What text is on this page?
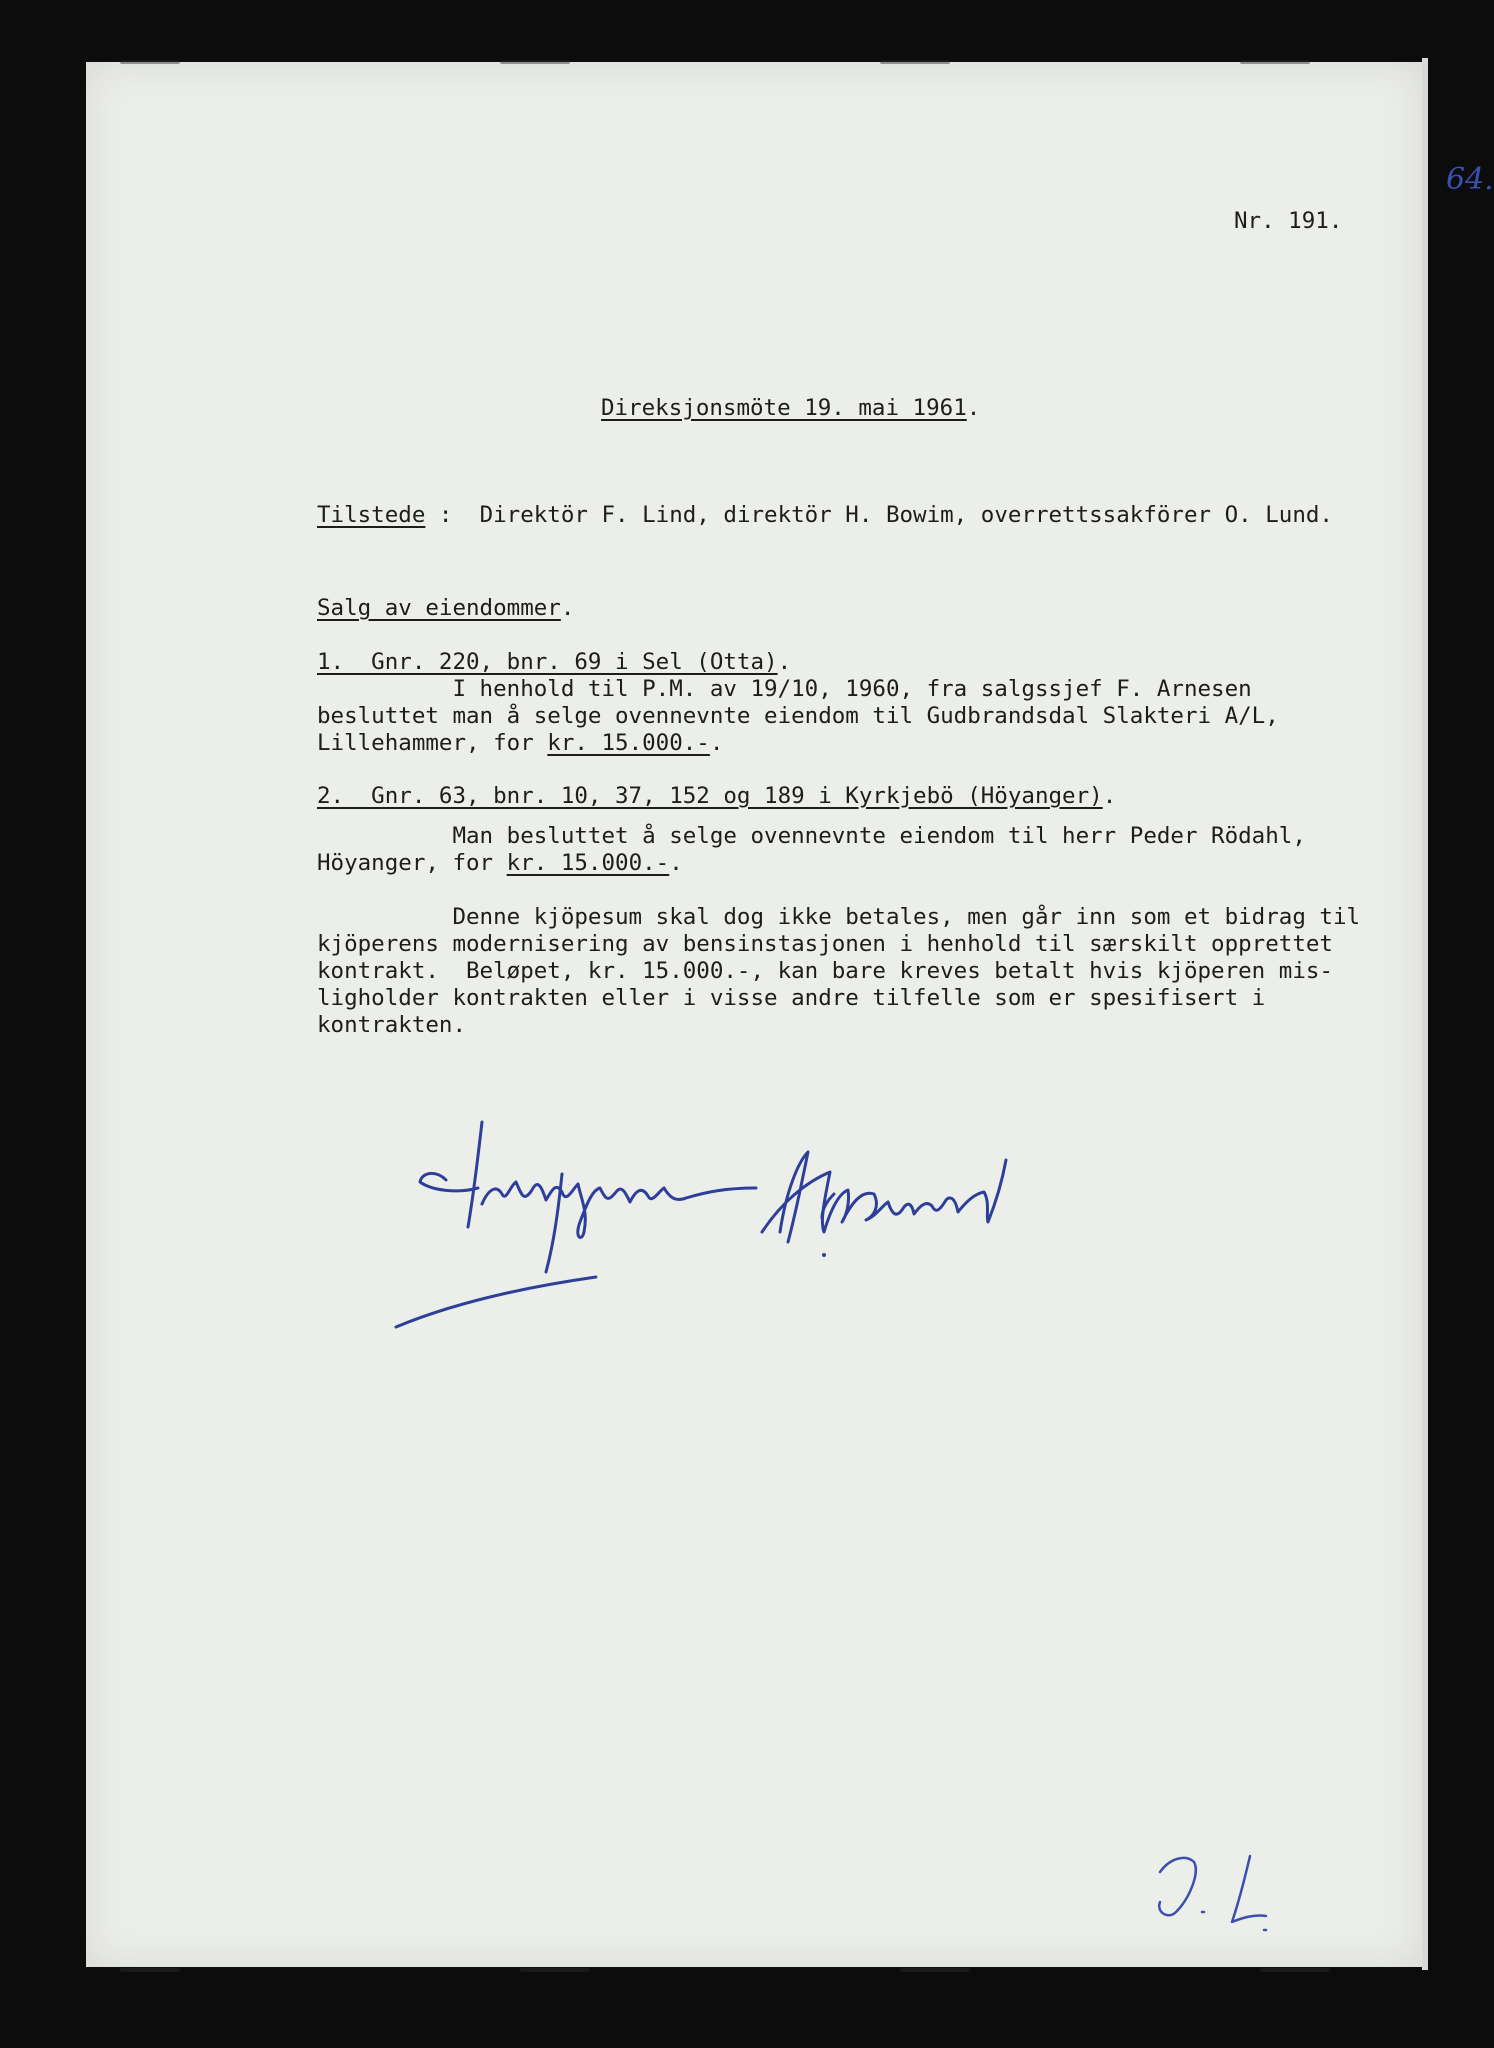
64.
Nr. 191.
Direksjonsmöte 19. mai 1961.
Tilstede :  Direktör F. Lind, direktör H. Bowim, overrettssakförer O. Lund.
Salg av eiendommer.
1.  Gnr. 220, bnr. 69 i Sel (Otta).
I henhold til P.M. av 19/10, 1960, fra salgssjef F. Arnesen
besluttet man å selge ovennevnte eiendom til Gudbrandsdal Slakteri A/L,
Lillehammer, for kr. 15.000.-.
2.  Gnr. 63, bnr. 10, 37, 152 og 189 i Kyrkjebö (Höyanger).
Man besluttet å selge ovennevnte eiendom til herr Peder Rödahl,
Höyanger, for kr. 15.000.-.
Denne kjöpesum skal dog ikke betales, men går inn som et bidrag til
kjöperens modernisering av bensinstasjonen i henhold til særskilt opprettet
kontrakt.  Beløpet, kr. 15.000.-, kan bare kreves betalt hvis kjöperen mis-
ligholder kontrakten eller i visse andre tilfelle som er spesifisert i
kontrakten.
